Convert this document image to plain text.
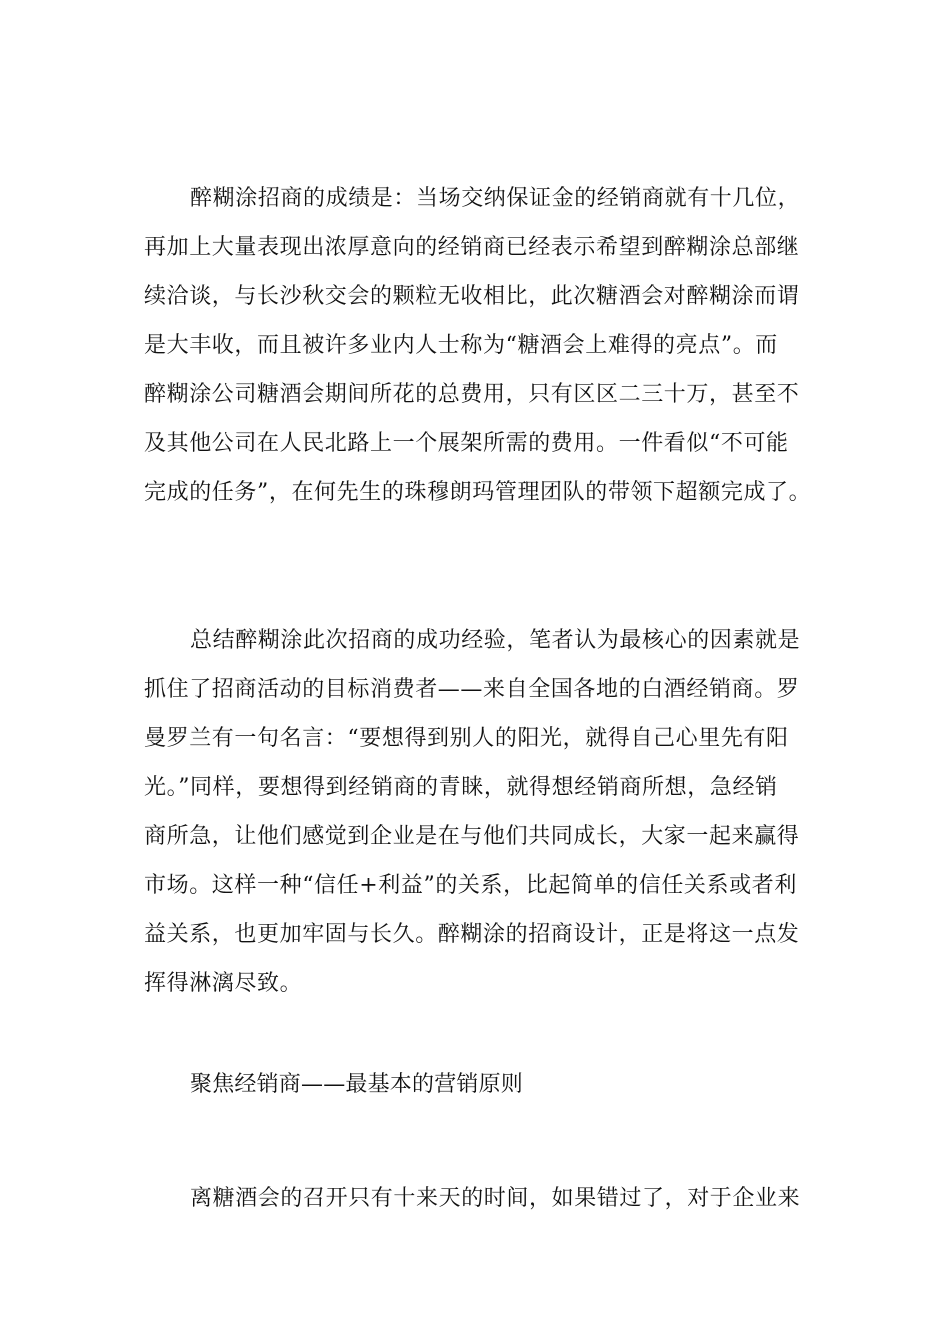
醉糊涂招商的成绩是：当场交纳保证金的经销商就有十几位，
再加上大量表现出浓厚意向的经销商已经表示希望到醉糊涂总部继
续洽谈，与长沙秋交会的颗粒无收相比，此次糖酒会对醉糊涂而谓
是大丰收，而且被许多业内人士称为“糖酒会上难得的亮点”。而
醉糊涂公司糖酒会期间所花的总费用，只有区区二三十万，甚至不
及其他公司在人民北路上一个展架所需的费用。一件看似“不可能
完成的任务”，在何先生的珠穆朗玛管理团队的带领下超额完成了。
总结醉糊涂此次招商的成功经验，笔者认为最核心的因素就是
抓住了招商活动的目标消费者——来自全国各地的白酒经销商。罗
曼罗兰有一句名言：“要想得到别人的阳光，就得自己心里先有阳
光。”同样，要想得到经销商的青睐，就得想经销商所想，急经销
商所急，让他们感觉到企业是在与他们共同成长，大家一起来赢得
市场。这样一种“信任+利益”的关系，比起简单的信任关系或者利
益关系，也更加牢固与长久。醉糊涂的招商设计，正是将这一点发
挥得淋漓尽致。
聚焦经销商——最基本的营销原则
离糖酒会的召开只有十来天的时间，如果错过了，对于企业来
